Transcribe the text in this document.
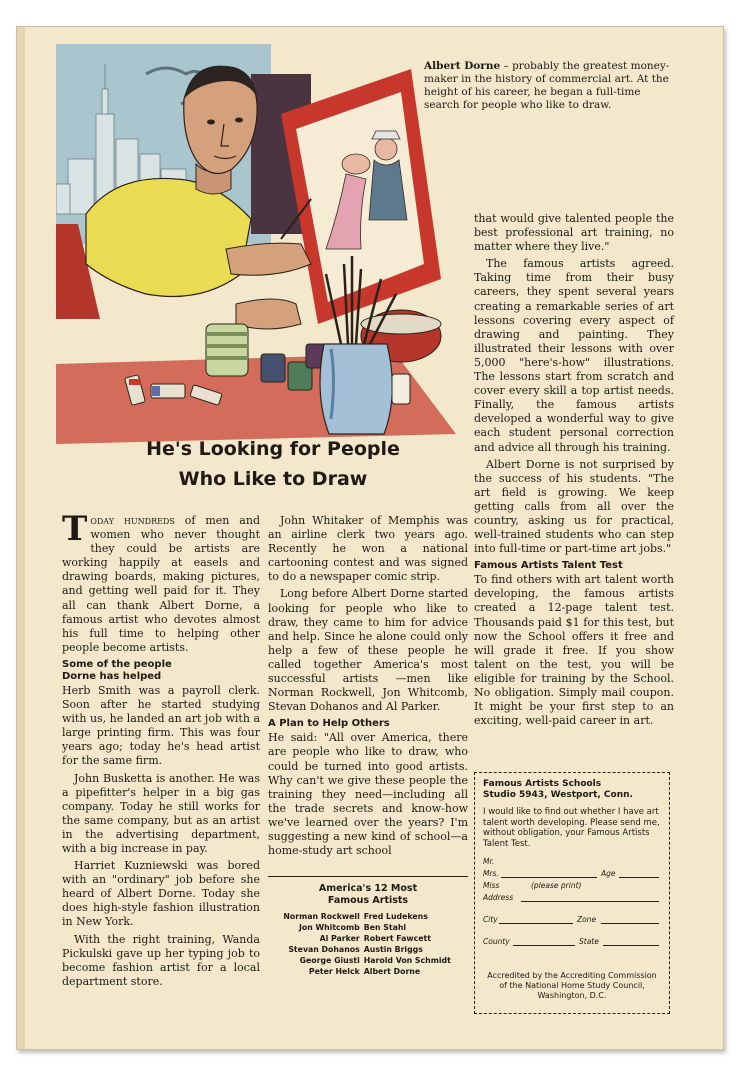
Albert Dorne – probably the greatest money-maker in the history of commercial art. At the height of his career, he began a full-time search for people who like to draw.
He's Looking for People
Who Like to Draw

Today hundreds of men and women who never thought they could be artists are working happily at easels and drawing boards, making pictures, and getting well paid for it. They all can thank Albert Dorne, a famous artist who devotes almost his full time to helping other people become artists.

Some of the people
Dorne has helped

Herb Smith was a payroll clerk. Soon after he started studying with us, he landed an art job with a large printing firm. This was four years ago; today he's head artist for the same firm.

John Busketta is another. He was a pipefitter's helper in a big gas company. Today he still works for the same company, but as an artist in the advertising department, with a big increase in pay.

Harriet Kuzniewski was bored with an "ordinary" job before she heard of Albert Dorne. Today she does high-style fashion illustration in New York.

With the right training, Wanda Pickulski gave up her typing job to become fashion artist for a local department store.

John Whitaker of Memphis was an airline clerk two years ago. Recently he won a national cartooning contest and was signed to do a newspaper comic strip.

Long before Albert Dorne started looking for people who like to draw, they came to him for advice and help. Since he alone could only help a few of these people he called together America's most successful artists —men like Norman Rockwell, Jon Whitcomb, Stevan Dohanos and Al Parker.

A Plan to Help Others

He said: "All over America, there are people who like to draw, who could be turned into good artists. Why can't we give these people the training they need—including all the trade secrets and know-how we've learned over the years? I'm suggesting a new kind of school—a home-study art school

America's 12 Most
Famous Artists
Norman Rockwell	Fred Ludekens
Jon Whitcomb	Ben Stahl
Al Parker	Robert Fawcett
Stevan Dohanos	Austin Briggs
George Giusti	Harold Von Schmidt
Peter Helck	Albert Dorne

that would give talented people the best professional art training, no matter where they live."

The famous artists agreed. Taking time from their busy careers, they spent several years creating a remarkable series of art lessons covering every aspect of drawing and painting. They illustrated their lessons with over 5,000 "here's-how" illustrations. The lessons start from scratch and cover every skill a top artist needs. Finally, the famous artists developed a wonderful way to give each student personal correction and advice all through his training.

Albert Dorne is not surprised by the success of his students. "The art field is growing. We keep getting calls from all over the country, asking us for practical, well-trained students who can step into full-time or part-time art jobs."

Famous Artists Talent Test

To find others with art talent worth developing, the famous artists created a 12-page talent test. Thousands paid $1 for this test, but now the School offers it free and will grade it free. If you show talent on the test, you will be eligible for training by the School. No obligation. Simply mail coupon. It might be your first step to an exciting, well-paid career in art.

Famous Artists Schools
Studio 5943, Westport, Conn.
I would like to find out whether I have art talent worth developing. Please send me, without obligation, your Famous Artists Talent Test.
Mr.
Mrs.	Age
Miss	(please print)
Address
City	Zone
County	State
Accredited by the Accrediting Commission of the National Home Study Council, Washington, D.C.
